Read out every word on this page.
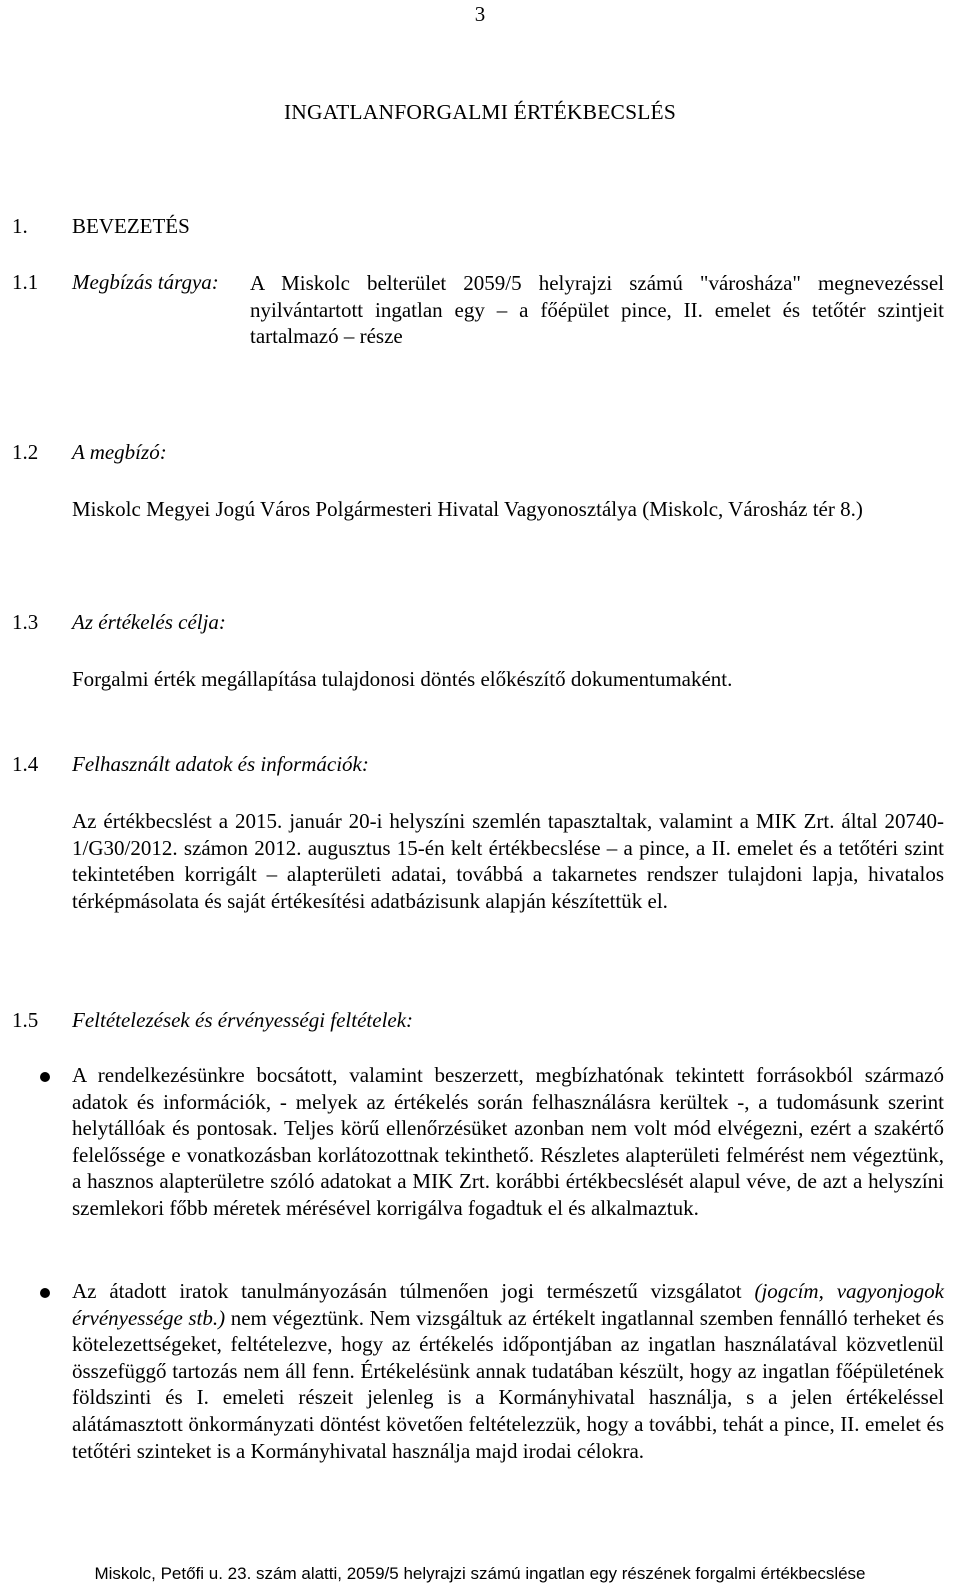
3
INGATLANFORGALMI ÉRTÉKBECSLÉS
1. BEVEZETÉS
1.1 Megbízás tárgya: A Miskolc belterület 2059/5 helyrajzi számú "városháza" megnevezéssel nyilvántartott ingatlan egy – a főépület pince, II. emelet és tetőtér szintjeit tartalmazó – része
1.2 A megbízó:
Miskolc Megyei Jogú Város Polgármesteri Hivatal Vagyonosztálya (Miskolc, Városház tér 8.)
1.3 Az értékelés célja:
Forgalmi érték megállapítása tulajdonosi döntés előkészítő dokumentumaként.
1.4 Felhasznált adatok és információk:
Az értékbecslést a 2015. január 20-i helyszíni szemlén tapasztaltak, valamint a MIK Zrt. által 20740-1/G30/2012. számon 2012. augusztus 15-én kelt értékbecslése – a pince, a II. emelet és a tetőtéri szint tekintetében korrigált – alapterületi adatai, továbbá a takarnetes rendszer tulajdoni lapja, hivatalos térképmásolata és saját értékesítési adatbázisunk alapján készítettük el.
1.5 Feltételezések és érvényességi feltételek:
A rendelkezésünkre bocsátott, valamint beszerzett, megbízhatónak tekintett forrásokból származó adatok és információk, - melyek az értékelés során felhasználásra kerültek -, a tudomásunk szerint helytállóak és pontosak. Teljes körű ellenőrzésüket azonban nem volt mód elvégezni, ezért a szakértő felelőssége e vonatkozásban korlátozottnak tekinthető. Részletes alapterületi felmérést nem végeztünk, a hasznos alapterületre szóló adatokat a MIK Zrt. korábbi értékbecslését alapul véve, de azt a helyszíni szemlekori főbb méretek mérésével korrigálva fogadtuk el és alkalmaztuk.
Az átadott iratok tanulmányozásán túlmenően jogi természetű vizsgálatot (jogcím, vagyonjogok érvényessége stb.) nem végeztünk. Nem vizsgáltuk az értékelt ingatlannal szemben fennálló terheket és kötelezettségeket, feltételezve, hogy az értékelés időpontjában az ingatlan használatával közvetlenül összefüggő tartozás nem áll fenn. Értékelésünk annak tudatában készült, hogy az ingatlan főépületének földszinti és I. emeleti részeit jelenleg is a Kormányhivatal használja, s a jelen értékeléssel alátámasztott önkormányzati döntést követően feltételezzük, hogy a további, tehát a pince, II. emelet és tetőtéri szinteket is a Kormányhivatal használja majd irodai célokra.
Miskolc, Petőfi u. 23. szám alatti, 2059/5 helyrajzi számú ingatlan egy részének forgalmi értékbecslése
